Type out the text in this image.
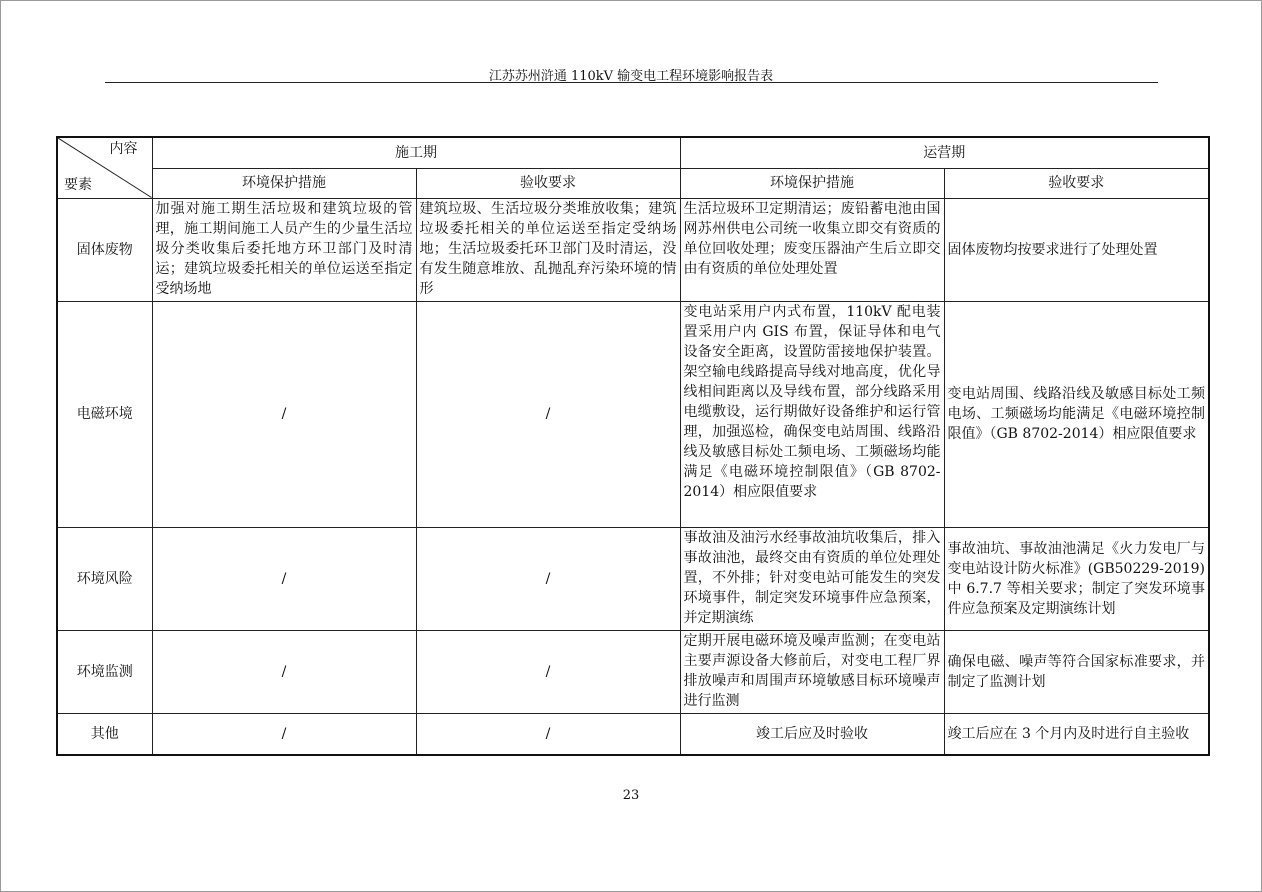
江苏苏州浒通 110kV 输变电工程环境影响报告表
内容
要素	施工期		运营期	
	环境保护措施	验收要求	环境保护措施	验收要求
固体废物	加强对施工期生活垃圾和建筑垃圾的管理，施工期间施工人员产生的少量生活垃圾分类收集后委托地方环卫部门及时清运；建筑垃圾委托相关的单位运送至指定受纳场地	建筑垃圾、生活垃圾分类堆放收集；建筑垃圾委托相关的单位运送至指定受纳场地；生活垃圾委托环卫部门及时清运，没有发生随意堆放、乱抛乱弃污染环境的情形	生活垃圾环卫定期清运；废铅蓄电池由国网苏州供电公司统一收集立即交有资质的单位回收处理；废变压器油产生后立即交由有资质的单位处理处置	固体废物均按要求进行了处理处置
电磁环境	/	/	变电站采用户内式布置，110kV 配电装置采用户内 GIS 布置，保证导体和电气设备安全距离，设置防雷接地保护装置。架空输电线路提高导线对地高度，优化导线相间距离以及导线布置，部分线路采用电缆敷设，运行期做好设备维护和运行管理，加强巡检，确保变电站周围、线路沿线及敏感目标处工频电场、工频磁场均能满足《电磁环境控制限值》（GB 8702-2014）相应限值要求	变电站周围、线路沿线及敏感目标处工频电场、工频磁场均能满足《电磁环境控制限值》（GB 8702-2014）相应限值要求
环境风险	/	/	事故油及油污水经事故油坑收集后，排入事故油池，最终交由有资质的单位处理处置，不外排；针对变电站可能发生的突发环境事件，制定突发环境事件应急预案，并定期演练	事故油坑、事故油池满足《火力发电厂与变电站设计防火标准》(GB50229-2019)中 6.7.7 等相关要求；制定了突发环境事件应急预案及定期演练计划
环境监测	/	/	定期开展电磁环境及噪声监测；在变电站主要声源设备大修前后，对变电工程厂界排放噪声和周围声环境敏感目标环境噪声进行监测	确保电磁、噪声等符合国家标准要求，并制定了监测计划
其他	/	/	竣工后应及时验收	竣工后应在 3 个月内及时进行自主验收
23
